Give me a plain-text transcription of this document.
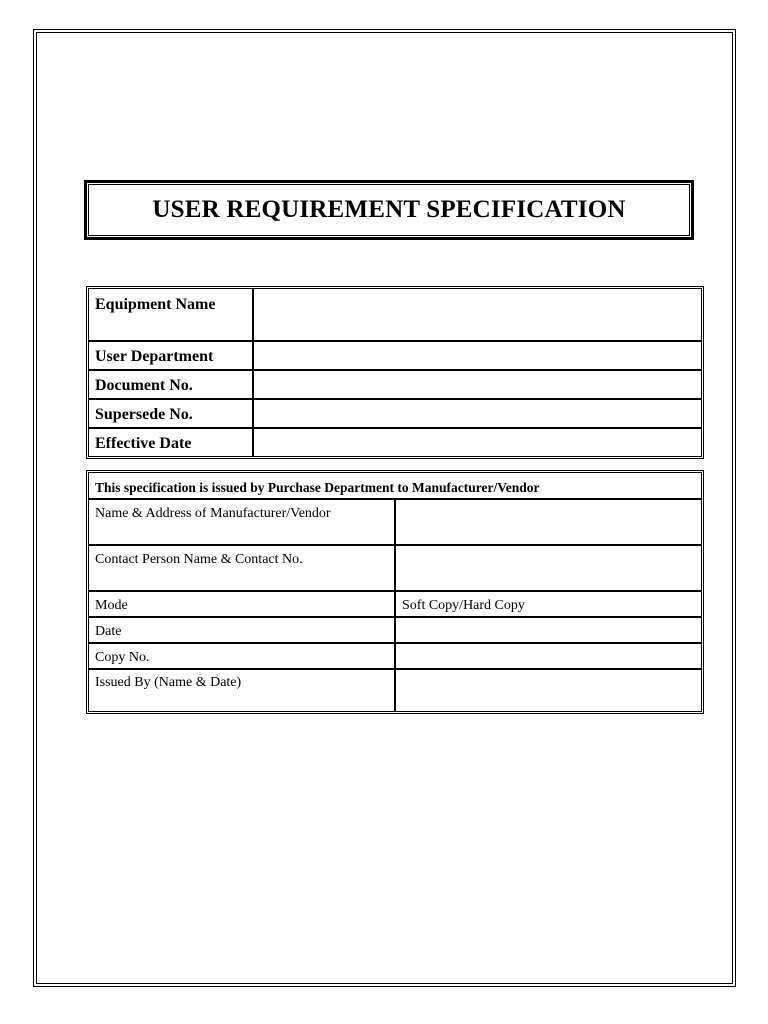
USER REQUIREMENT SPECIFICATION
Equipment Name	
User Department	
Document No.	
Supersede No.	
Effective Date	
This specification is issued by Purchase Department to Manufacturer/Vendor	
Name & Address of Manufacturer/Vendor	
Contact Person Name & Contact No.	
Mode	Soft Copy/Hard Copy
Date	
Copy No.	
Issued By (Name & Date)	
